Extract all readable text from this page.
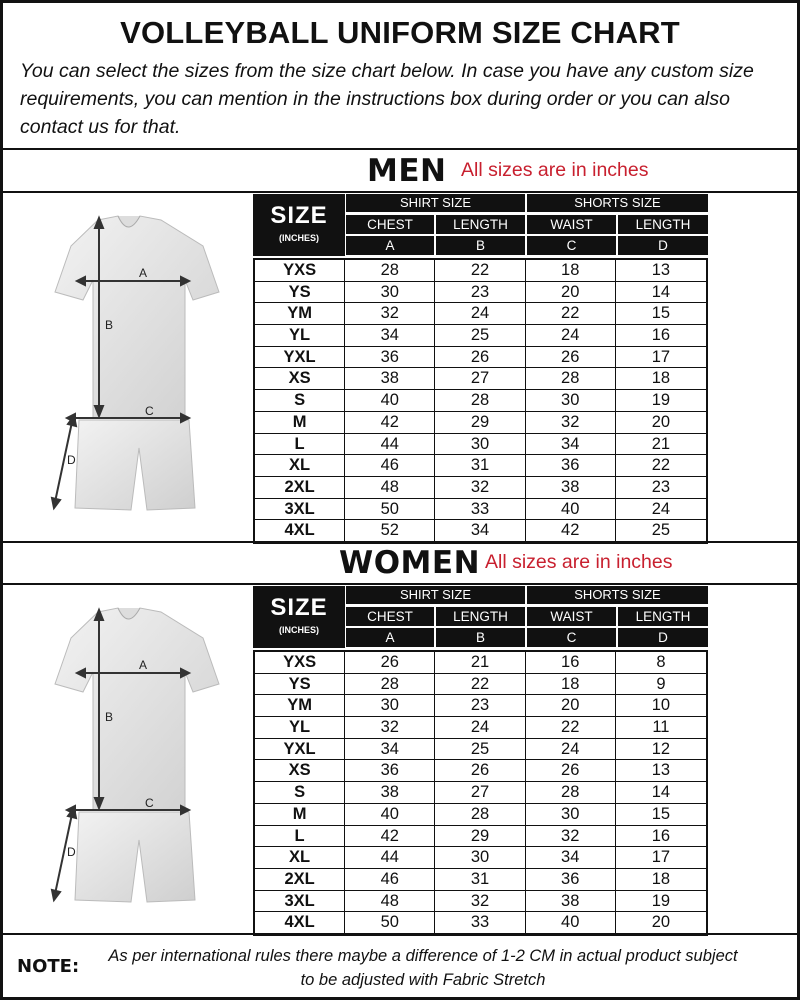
VOLLEYBALL UNIFORM SIZE CHART
You can select the sizes from the size chart below. In case you have any custom size requirements, you can mention in the instructions box during order or you can also contact us for that.
MEN All sizes are in inches
A
B
C
D
SIZE
(INCHES)
SHIRT SIZE	SHORTS SIZE
CHEST	LENGTH	WAIST	LENGTH
A	B	C	D
YXS	28	22	18	13
YS	30	23	20	14
YM	32	24	22	15
YL	34	25	24	16
YXL	36	26	26	17
XS	38	27	28	18
S	40	28	30	19
M	42	29	32	20
L	44	30	34	21
XL	46	31	36	22
2XL	48	32	38	23
3XL	50	33	40	24
4XL	52	34	42	25
WOMEN All sizes are in inches
A
B
C
D
SIZE
(INCHES)
SHIRT SIZE	SHORTS SIZE
CHEST	LENGTH	WAIST	LENGTH
A	B	C	D
YXS	26	21	16	8
YS	28	22	18	9
YM	30	23	20	10
YL	32	24	22	11
YXL	34	25	24	12
XS	36	26	26	13
S	38	27	28	14
M	40	28	30	15
L	42	29	32	16
XL	44	30	34	17
2XL	46	31	36	18
3XL	48	32	38	19
4XL	50	33	40	20
NOTE:	As per international rules there maybe a difference of 1-2 CM in actual product subject to be adjusted with Fabric Stretch
